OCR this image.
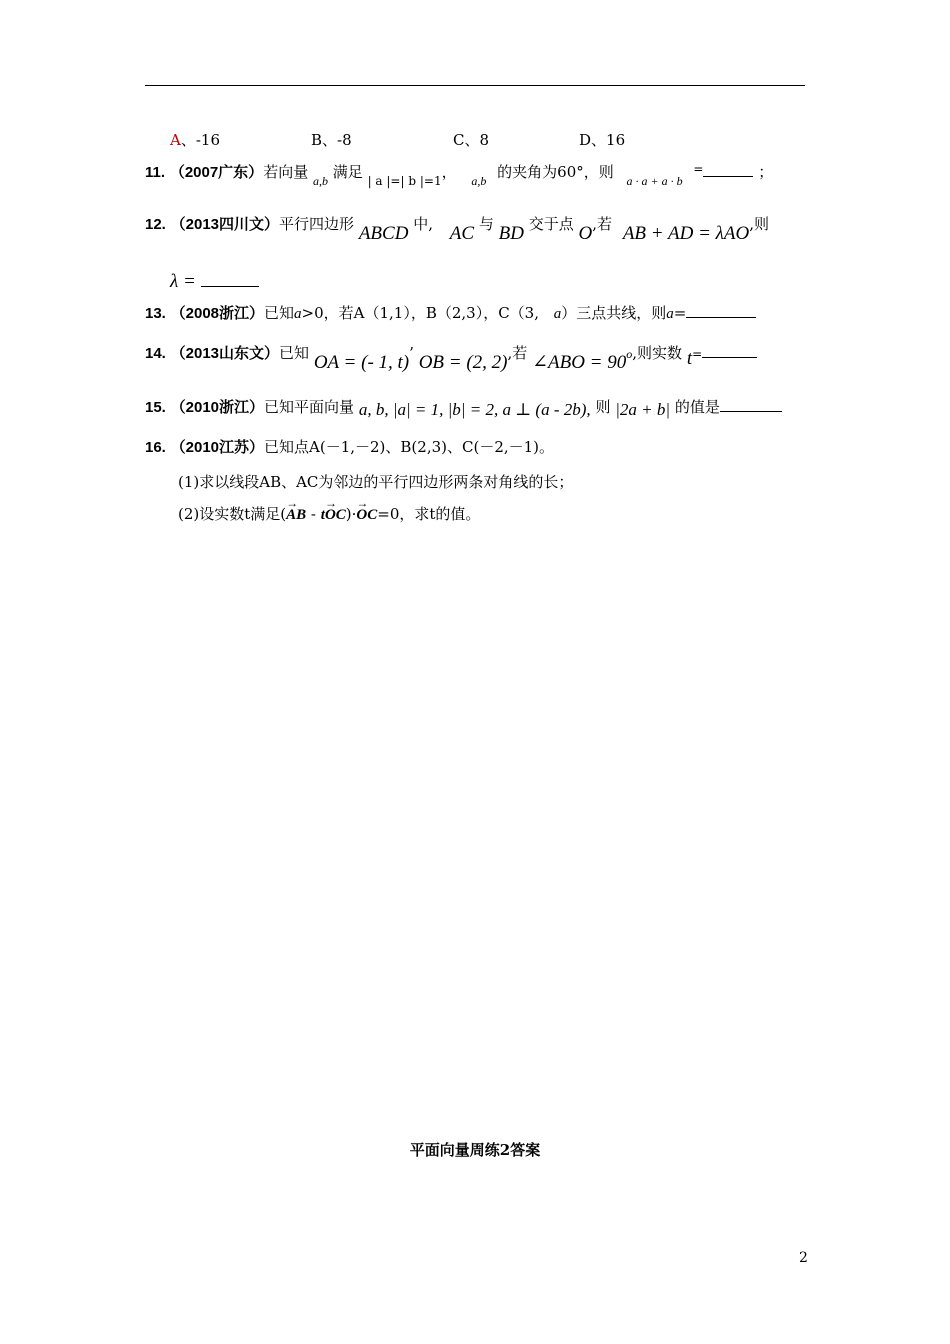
A、-16	B、-8	C、8	D、16
11. （2007广东）若向量 $_{a,b}$ 满足 $_{| a |=| b |=1}$， $_{a,b}$ 的夹角为60°，则 $_{a \cdot a + a \cdot b}$ =	；
12. （2013四川文）平行四边形 ABCD 中, AC 与 BD 交于点 O,若 AB + AD = λAO,则
λ =
13. （2008浙江）已知a>0，若A（1,1），B（2,3），C（3, a）三点共线，则a=
14. （2013山东文）已知 OA = (- 1, t)’ OB = (2, 2),若 ∠ABO = $90^o$,则实数 t=
15. （2010浙江）已知平面向量 a, b, |a| = 1, |b| = 2, a ⊥ (a - 2b), 则 |2a + b| 的值是
16. （2010江苏）已知点A(－1,－2)、B(2,3)、C(－2,－1)。
(1)求以线段AB、AC为邻边的平行四边形两条对角线的长；
(2)设实数t满足(→ AB - t→ OC)·→ OC=0，求t的值。
平面向量周练2答案
2
